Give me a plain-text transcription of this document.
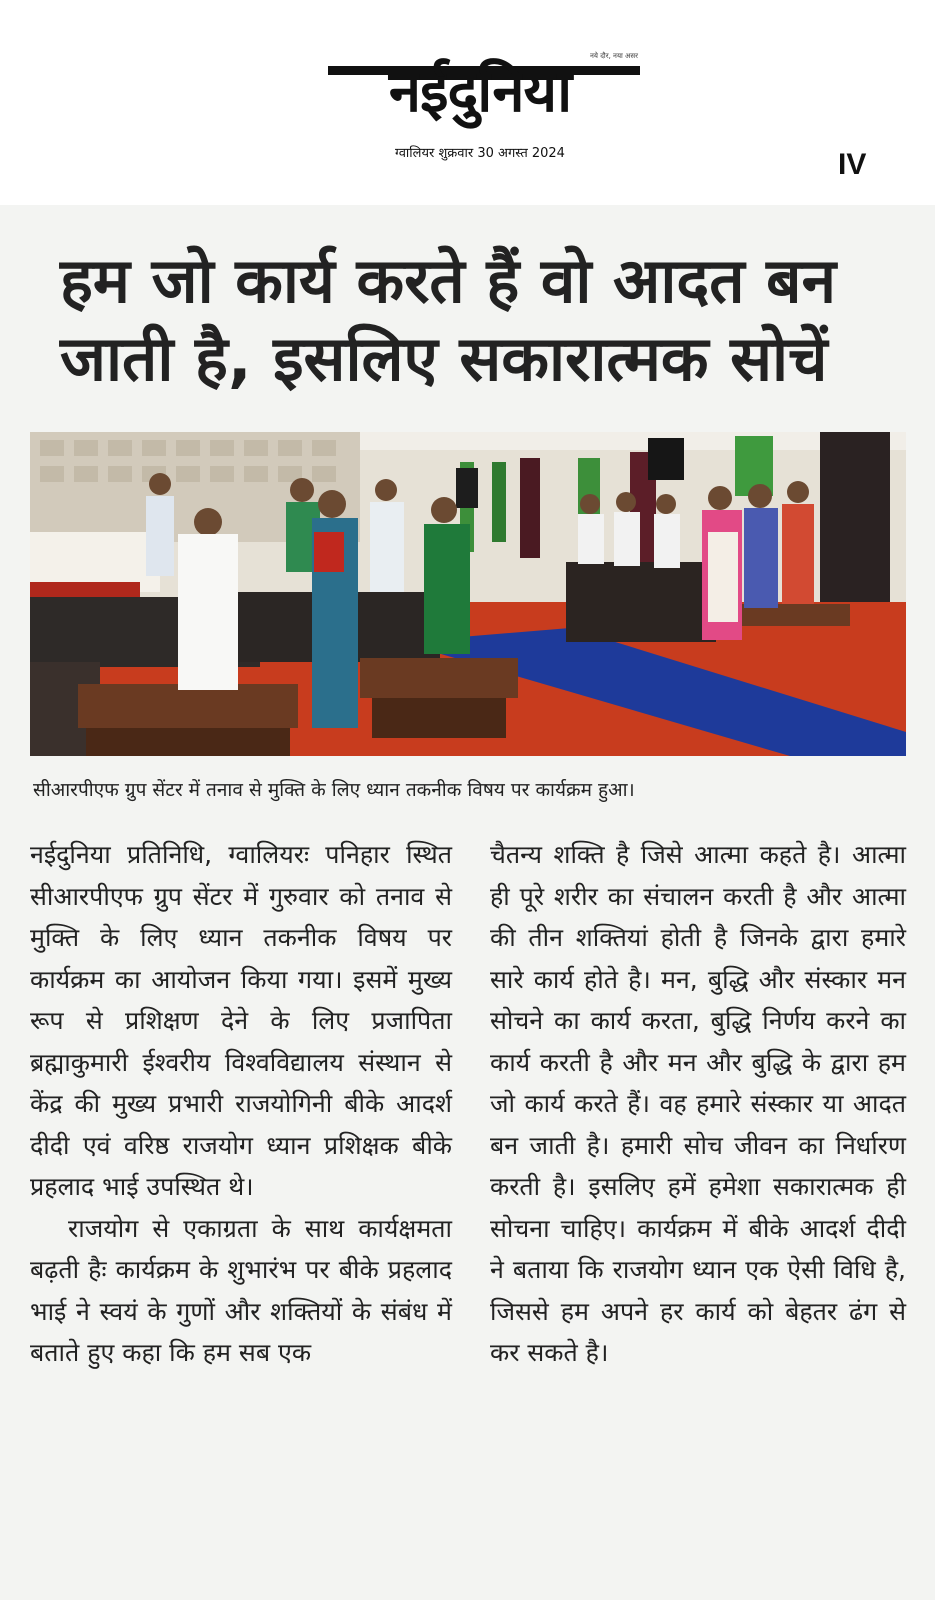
नईदुनिया
नये दौर, नया असर
ग्वालियर शुक्रवार 30 अगस्त 2024	IV
हम जो कार्य करते हैं वो आदत बन जाती है, इसलिए सकारात्मक सोचें
सीआरपीएफ ग्रुप सेंटर में तनाव से मुक्ति के लिए ध्यान तकनीक विषय पर कार्यक्रम हुआ।

नईदुनिया प्रतिनिधि, ग्वालियरः पनिहार स्थित सीआरपीएफ ग्रुप सेंटर में गुरुवार को तनाव से मुक्ति के लिए ध्यान तकनीक विषय पर कार्यक्रम का आयोजन किया गया। इसमें मुख्य रूप से प्रशिक्षण देने के लिए प्रजापिता ब्रह्माकुमारी ईश्वरीय विश्वविद्यालय संस्थान से केंद्र की मुख्य प्रभारी राजयोगिनी बीके आदर्श दीदी एवं वरिष्ठ राजयोग ध्यान प्रशिक्षक बीके प्रहलाद भाई उपस्थित थे।

राजयोग से एकाग्रता के साथ कार्यक्षमता बढ़ती हैः कार्यक्रम के शुभारंभ पर बीके प्रहलाद भाई ने स्वयं के गुणों और शक्तियों के संबंध में बताते हुए कहा कि हम सब एक

चैतन्य शक्ति है जिसे आत्मा कहते है। आत्मा ही पूरे शरीर का संचालन करती है और आत्मा की तीन शक्तियां होती है जिनके द्वारा हमारे सारे कार्य होते है। मन, बुद्धि और संस्कार मन सोचने का कार्य करता, बुद्धि निर्णय करने का कार्य करती है और मन और बुद्धि के द्वारा हम जो कार्य करते हैं। वह हमारे संस्कार या आदत बन जाती है। हमारी सोच जीवन का निर्धारण करती है। इसलिए हमें हमेशा सकारात्मक ही सोचना चाहिए। कार्यक्रम में बीके आदर्श दीदी ने बताया कि राजयोग ध्यान एक ऐसी विधि है, जिससे हम अपने हर कार्य को बेहतर ढंग से कर सकते है।
